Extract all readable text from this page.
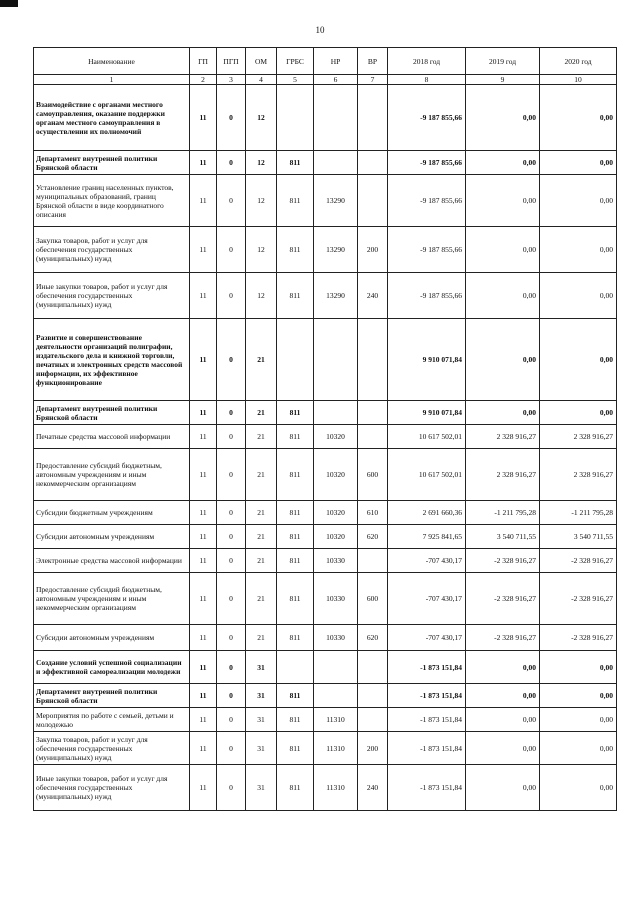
10
Наименование	ГП	ПГП	ОМ	ГРБС	НР	ВР	2018 год	2019 год	2020 год
1	2	3	4	5	6	7	8	9	10
Взаимодействие с органами местного самоуправления, оказание поддержки органам местного самоуправления в осуществлении их полномочий	11	0	12				-9 187 855,66	0,00	0,00
Департамент внутренней политики Брянской области	11	0	12	811			-9 187 855,66	0,00	0,00
Установление границ населенных пунктов, муниципальных образований, границ Брянской области в виде координатного описания	11	0	12	811	13290		-9 187 855,66	0,00	0,00
Закупка товаров, работ и услуг для обеспечения государственных (муниципальных) нужд	11	0	12	811	13290	200	-9 187 855,66	0,00	0,00
Иные закупки товаров, работ и услуг для обеспечения государственных (муниципальных) нужд	11	0	12	811	13290	240	-9 187 855,66	0,00	0,00
Развитие и совершенствование деятельности организаций полиграфии, издательского дела и книжной торговли, печатных и электронных средств массовой информации, их эффективное функционирование	11	0	21				9 910 071,84	0,00	0,00
Департамент внутренней политики Брянской области	11	0	21	811			9 910 071,84	0,00	0,00
Печатные средства массовой информации	11	0	21	811	10320		10 617 502,01	2 328 916,27	2 328 916,27
Предоставление субсидий бюджетным, автономным учреждениям и иным некоммерческим организациям	11	0	21	811	10320	600	10 617 502,01	2 328 916,27	2 328 916,27
Субсидии бюджетным учреждениям	11	0	21	811	10320	610	2 691 660,36	-1 211 795,28	-1 211 795,28
Субсидии автономным учреждениям	11	0	21	811	10320	620	7 925 841,65	3 540 711,55	3 540 711,55
Электронные средства массовой информации	11	0	21	811	10330		-707 430,17	-2 328 916,27	-2 328 916,27
Предоставление субсидий бюджетным, автономным учреждениям и иным некоммерческим организациям	11	0	21	811	10330	600	-707 430,17	-2 328 916,27	-2 328 916,27
Субсидии автономным учреждениям	11	0	21	811	10330	620	-707 430,17	-2 328 916,27	-2 328 916,27
Создание условий успешной социализации и эффективной самореализации молодежи	11	0	31				-1 873 151,84	0,00	0,00
Департамент внутренней политики Брянской области	11	0	31	811			-1 873 151,84	0,00	0,00
Мероприятия по работе с семьей, детьми и молодежью	11	0	31	811	11310		-1 873 151,84	0,00	0,00
Закупка товаров, работ и услуг для обеспечения государственных (муниципальных) нужд	11	0	31	811	11310	200	-1 873 151,84	0,00	0,00
Иные закупки товаров, работ и услуг для обеспечения государственных (муниципальных) нужд	11	0	31	811	11310	240	-1 873 151,84	0,00	0,00
